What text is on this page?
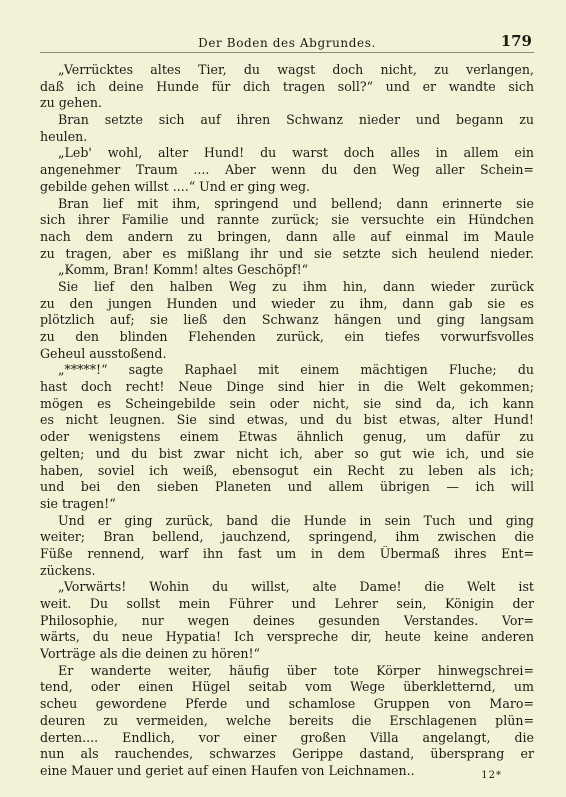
Der Boden des Abgrundes.	179
„Verrücktes altes Tier, du wagst doch nicht, zu verlangen,
daß ich deine Hunde für dich tragen soll?“ und er wandte sich
zu gehen.
Bran setzte sich auf ihren Schwanz nieder und begann zu
heulen.
„Leb' wohl, alter Hund! du warst doch alles in allem ein
angenehmer Traum .... Aber wenn du den Weg aller Schein=
gebilde gehen willst ....“ Und er ging weg.
Bran lief mit ihm, springend und bellend; dann erinnerte sie
sich ihrer Familie und rannte zurück; sie versuchte ein Hündchen
nach dem andern zu bringen, dann alle auf einmal im Maule
zu tragen, aber es mißlang ihr und sie setzte sich heulend nieder.
„Komm, Bran! Komm! altes Geschöpf!“
Sie lief den halben Weg zu ihm hin, dann wieder zurück
zu den jungen Hunden und wieder zu ihm, dann gab sie es
plötzlich auf; sie ließ den Schwanz hängen und ging langsam
zu den blinden Flehenden zurück, ein tiefes vorwurfsvolles
Geheul ausstoßend.
„*****!“ sagte Raphael mit einem mächtigen Fluche; du
hast doch recht! Neue Dinge sind hier in die Welt gekommen;
mögen es Scheingebilde sein oder nicht, sie sind da, ich kann
es nicht leugnen. Sie sind etwas, und du bist etwas, alter Hund!
oder wenigstens einem Etwas ähnlich genug, um dafür zu
gelten; und du bist zwar nicht ich, aber so gut wie ich, und sie
haben, soviel ich weiß, ebensogut ein Recht zu leben als ich;
und bei den sieben Planeten und allem übrigen — ich will
sie tragen!“
Und er ging zurück, band die Hunde in sein Tuch und ging
weiter; Bran bellend, jauchzend, springend, ihm zwischen die
Füße rennend, warf ihn fast um in dem Übermaß ihres Ent=
zückens.
„Vorwärts! Wohin du willst, alte Dame! die Welt ist
weit. Du sollst mein Führer und Lehrer sein, Königin der
Philosophie, nur wegen deines gesunden Verstandes. Vor=
wärts, du neue Hypatia! Ich verspreche dir, heute keine anderen
Vorträge als die deinen zu hören!“
Er wanderte weiter, häufig über tote Körper hinwegschrei=
tend, oder einen Hügel seitab vom Wege überkletternd, um
scheu gewordene Pferde und schamlose Gruppen von Maro=
deuren zu vermeiden, welche bereits die Erschlagenen plün=
derten.... Endlich, vor einer großen Villa angelangt, die
nun als rauchendes, schwarzes Gerippe dastand, übersprang er
eine Mauer und geriet auf einen Haufen von Leichnamen..	12*
